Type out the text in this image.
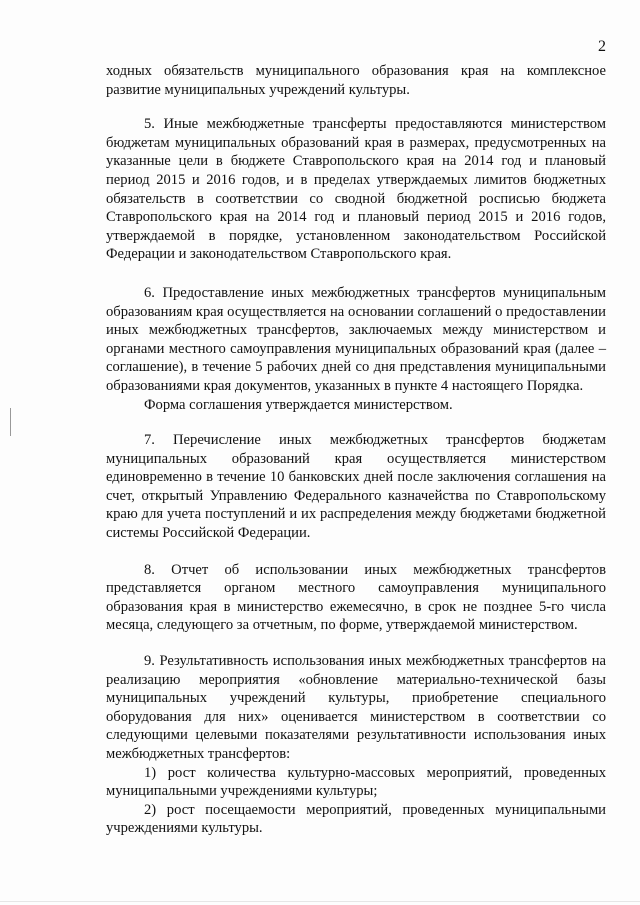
2

ходных обязательств муниципального образования края на комплексное развитие муниципальных учреждений культуры.

5. Иные межбюджетные трансферты предоставляются министерством бюджетам муниципальных образований края в размерах, предусмотренных на указанные цели в бюджете Ставропольского края на 2014 год и плановый период 2015 и 2016 годов, и в пределах утверждаемых лимитов бюджетных обязательств в соответствии со сводной бюджетной росписью бюджета Ставропольского края на 2014 год и плановый период 2015 и 2016 годов, утверждаемой в порядке, установленном законодательством Российской Федерации и законодательством Ставропольского края.

6. Предоставление иных межбюджетных трансфертов муниципальным образованиям края осуществляется на основании соглашений о предоставлении иных межбюджетных трансфертов, заключаемых между министерством и органами местного самоуправления муниципальных образований края (далее – соглашение), в течение 5 рабочих дней со дня представления муниципальными образованиями края документов, указанных в пункте 4 настоящего Порядка.

Форма соглашения утверждается министерством.

7. Перечисление иных межбюджетных трансфертов бюджетам муниципальных образований края осуществляется министерством единовременно в течение 10 банковских дней после заключения соглашения на счет, открытый Управлению Федерального казначейства по Ставропольскому краю для учета поступлений и их распределения между бюджетами бюджетной системы Российской Федерации.

8. Отчет об использовании иных межбюджетных трансфертов представляется органом местного самоуправления муниципального образования края в министерство ежемесячно, в срок не позднее 5-го числа месяца, следующего за отчетным, по форме, утверждаемой министерством.

9. Результативность использования иных межбюджетных трансфертов на реализацию мероприятия «обновление материально-технической базы муниципальных учреждений культуры, приобретение специального оборудования для них» оценивается министерством в соответствии со следующими целевыми показателями результативности использования иных межбюджетных трансфертов:

1) рост количества культурно-массовых мероприятий, проведенных муниципальными учреждениями культуры;

2) рост посещаемости мероприятий, проведенных муниципальными учреждениями культуры.
